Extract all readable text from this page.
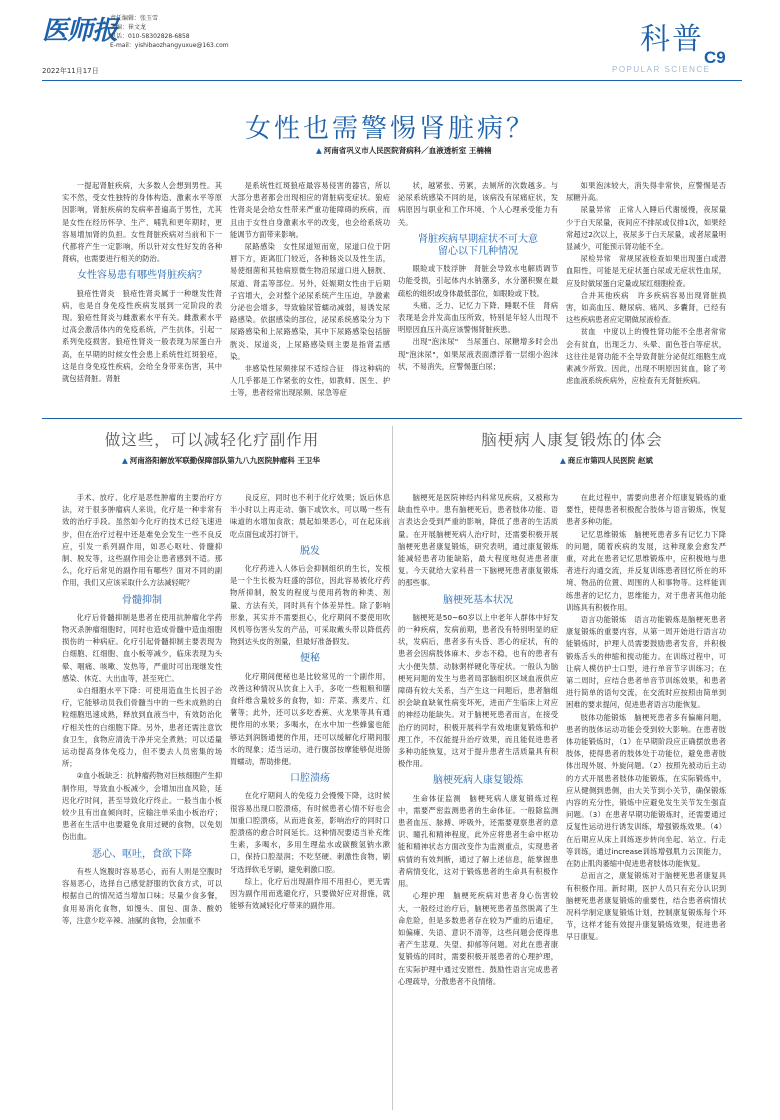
医师报
责任编辑：张玉雪
美编：崔文龙
电话：010-58302828-6858
E-mail：yishibaozhangyuxue@163.com
2022年11月17日
科普
POPULAR SCIENCE
C9
女性也需警惕肾脏病？
▲ 河南省巩义市人民医院肾病科／血液透析室 王楠楠

一提起肾脏疾病，大多数人会想到男性。其实不然，受女性独特的身体构造、激素水平等原因影响，肾脏疾病的发病率普遍高于男性，尤其是女性在经历怀孕、生产、哺乳和更年期时，更容易增加肾的负担。女性肾脏疾病对当前和下一代都将产生一定影响，所以针对女性好发的各种肾病，也需要进行相关的防治。

女性容易患有哪些肾脏疾病？

狼疮性肾炎　狼疮性肾炎属于一种继发性肾病，也是自身免疫性疾病发展到一定阶段的表现。狼疮性肾炎与雌激素水平有关。雌激素水平过高会激活体内的免疫系统，产生抗体，引起一系列免疫损害。狼疮性肾炎一般表现为尿蛋白升高，在早期的时候女性会患上系统性红斑狼疮，这是自身免疫性疾病，会给全身带来伤害，其中就包括肾脏。肾脏

是系统性红斑狼疮最容易侵害的器官，所以大部分患者都会出现相应的肾脏病变症状。狼疮性肾炎是会给女性带来严重功能障碍的疾病，而且由于女性自身激素水平的改变，也会给系统功能调节方面带来影响。

尿路感染　女性尿道短而宽，尿道口位于阴唇下方，距离肛门较近，各种肠炎以及性生活，易使细菌和其他病原微生物沿尿道口进入膀胱、尿道、肾盂等部位。另外，妊娠期女性由于后期子宫增大，会对整个泌尿系统产生压迫，孕激素分泌也会增多，导致输尿管蠕动减弱，易诱发尿路感染。依据感染的部位，泌尿系统感染分为下尿路感染和上尿路感染，其中下尿路感染包括膀胱炎、尿道炎，上尿路感染则主要是指肾盂感染。

非感染性尿频排尿不适综合征　得这种病的人几乎都是工作紧张的女性，如教师、医生、护士等，患者经常出现尿频、尿急等症

状，越紧张、劳累，去厕所的次数越多。与泌尿系统感染不同的是，该病没有尿痛症状，发病原因与职业和工作环境、个人心理承受能力有关。

肾脏疾病早期症状不可大意

留心以下几种情况

眼睑或下肢浮肿　肾脏会导致水电解质调节功能受损，引起体内水钠潴多，水分潴积聚在最疏松的组织或身体最低部位，如眼睑或下肢。

头痛、乏力、记忆力下降、睡眠不佳　肾病表现是会并发高血压所致，特别是年轻人出现不明原因血压升高应该警惕肾脏疾患。

出现"泡沫尿"　当尿蛋白、尿糖增多时会出现"泡沫尿"，如果尿液表面漂浮着一层细小泡沫状，不易消失，应警惕蛋白尿；

如果泡沫较大，消失得非常快，应警惕是否尿糖升高。

尿量异常　正常人入睡后代谢缓慢，夜尿量少于白天尿量，夜间应不排尿或仅排1次，如果经常超过2次以上，夜尿多于白天尿量，或者尿量明显减少，可能预示肾功能不全。

尿检异常　常规尿液检查如果出现蛋白或潜血阳性，可能是无症状蛋白尿或无症状性血尿，应及时做尿蛋白定量或尿红细胞检查。

合并其他疾病　许多疾病容易出现肾脏损害，如高血压、糖尿病、痛风、多囊肾，已经有这些疾病患者应定期做尿液检查。

贫血　中度以上的慢性肾功能不全患者常常会有贫血，出现乏力、头晕、面色苍白等症状，这往往是肾功能不全导致肾脏分泌促红细胞生成素减少所致。因此，出现不明原因贫血，除了考虑血液系统疾病外，应检查有无肾脏疾病。

做这些，可以减轻化疗副作用
▲ 河南洛阳解放军联勤保障部队第九八九医院肿瘤科 王卫华

手术、放疗、化疗是恶性肿瘤的主要治疗方法，对于很多肿瘤病人来说，化疗是一种非常有效的治疗手段。虽然如今化疗的技术已经飞速进步，但在治疗过程中还是难免会发生一些不良反应，引发一系列副作用，如恶心呕吐、骨髓抑制、脱发等，这些副作用会让患者感到不适。那么，化疗后常见的副作用有哪些？面对不同的副作用，我们又应该采取什么方法减轻呢？

骨髓抑制

化疗后骨髓抑制是患者在使用抗肿瘤化学药物灭杀肿瘤细胞时，同时也造成骨髓中造血细胞损伤的一种病症。化疗引起骨髓抑制主要表现为白细胞、红细胞、血小板等减少，临床表现为头晕、咽痛、咳嗽、发热等，严重时可出现继发性感染、休克、大出血等，甚至死亡。

①白细胞水平下降：可使用造血生长因子治疗，它能够动员我们骨髓当中的一些未成熟的白粒细胞迅速成熟，释放到血液当中，有效防治化疗相关性的白细胞下降。另外，患者还需注意饮食卫生，食物应清洗干净并完全煮熟；可以适量运动提高身体免疫力，但不要去人员密集的场所；

②血小板缺乏：抗肿瘤药物对巨核细胞产生抑制作用，导致血小板减少，会增加出血风险，延迟化疗时间，甚至导致化疗终止。一般当血小板较少且有出血倾向时，应输注单采血小板治疗；患者在生活中也要避免食用过硬的食物，以免划伤出血。

恶心、呕吐，食欲下降

有些人饱腹时容易恶心，而有人则是空腹时容易恶心，选择自己感觉舒服的饮食方式，可以根据自己的情况适当增加口味；尽量少食多餐，食用易消化食物，如馒头、面包、面条、酸奶等，注意少吃辛辣、油腻的食物，会加重不

良反应，同时也不利于化疗效果；饭后休息半小时以上再走动、躺下或饮水，可以喝一些有味道的水增加食欲；晨起如果恶心，可在起床前吃点面包或苏打饼干。

脱发

化疗药进入人体后会抑制组织的生长，发根是一个生长极为旺盛的部位，因此容易被化疗药物所抑制，脱发的程度与使用药物的种类、剂量、方法有关，同时具有个体差异性。除了影响形象，其实并不需要担心，化疗期间不要使用吹风机等伤害头发的产品，可采取戴头带以降低药物到达头皮的剂量，但最好准备假发。

便秘

化疗期间便秘也是比较常见的一个副作用，改善这种情况从饮食上入手，多吃一些粗粮和膳食纤维含量较多的食物，如：芹菜、燕麦片、红薯等；此外，还可以多吃香蕉、火龙果等具有通便作用的水果；多喝水，在水中加一些蜂蜜也能够达到润肠通便的作用，还可以缓解化疗期间服水的现象；适当运动，进行腹部按摩能够促进肠胃蠕动，帮助排便。

口腔溃疡

在化疗期间人的免疫力会慢慢下降，这时候很容易出现口腔溃疡，有时候患者心情不好也会加重口腔溃疡，从而进食差，影响治疗的同时口腔溃疡的愈合时间延长。这种情况要适当补充维生素，多喝水，多用生理盐水或碳酸氢钠水漱口，保持口腔湿润；不吃坚硬、刺激性食物，刷牙选择软毛牙刷，避免刺激口腔。

综上，化疗后出现副作用不用担心，更无需因为副作用而逃避化疗，只要做好应对措施，就能够有效减轻化疗带来的副作用。

脑梗病人康复锻炼的体会
▲ 商丘市第四人民医院 赵斌

脑梗死是医院神经内科常见疾病，又被称为缺血性卒中。患有脑梗死后，患者肢体功能、语言表达会受到严重的影响，降低了患者的生活质量。在开展脑梗死病人治疗时，还需要积极开展脑梗死患者康复锻炼，研究表明，通过康复锻炼能减轻患者功能缺陷，最大程度地促进患者康复。今天就给大家科普一下脑梗死患者康复锻炼的那些事。

脑梗死基本状况

脑梗死是50~60岁以上中老年人群体中好发的一种疾病，发病前期，患者没有特别明显的症状，发病后，患者多有头昏、恶心的症状，有的患者会因病肢体麻木、步态不稳，也有的患者有大小便失禁、动脉粥样硬化等症状。一般认为脑梗死问题的发生与患者局部脑组织区域血液供应障碍有较大关系，当产生这一问题后，患者脑组织会缺血缺氧性病变坏死，进而产生临床上对应的神经功能缺失。对于脑梗死患者而言，在接受治疗的同时，积极开展科学有效地康复锻炼和护理工作，不仅能提升治疗效果，而且能促进患者多种功能恢复，这对于提升患者生活质量具有积极作用。

脑梗死病人康复锻炼

生命体征监测　脑梗死病人康复锻炼过程中，需要严密监测患者的生命体征。一般除监测患者血压、脉搏、呼吸外，还需要观察患者的意识、瞳孔和精神程度，此外应将患者生命中枢功能和精神状态方面改变作为监测重点，实现患者病情的有效判断，通过了解上述信息，能掌握患者病情变化，这对于锻炼患者的生命具有积极作用。

心理护理　脑梗死疾病对患者身心伤害较大，一般经过治疗后，脑梗死患者虽然脱离了生命危险，但是多数患者存在较为严重的后遗症，如偏瘫、失语、意识不清等，这些问题会使得患者产生悲观、失望、抑郁等问题。对此在患者康复锻炼的同时，需要积极开展患者的心理护理，在实际护理中通过安慰性、鼓励性语言完成患者心理疏导，分散患者不良情绪。

在此过程中，需要向患者介绍康复锻炼的重要性，使得患者积极配合肢体与语言锻炼，恢复患者多种功能。

记忆思维锻炼　脑梗死患者多有记忆力下降的问题，随着疾病的发展，这种现象会愈发严重，对此在患者记忆思维锻炼中，应积极地与患者进行沟通交流，并反复训练患者回忆所在的环境、物品的位置、周围的人和事物等。这样能训练患者的记忆力，思维能力，对于患者其他功能训练具有积极作用。

语言功能锻炼　语言功能锻炼是脑梗死患者康复锻炼的重要内容，从第一周开始进行语言功能锻炼时，护理人员需要鼓励患者发音，并积极锻炼舌头的伸缩和搅动能力。在训练过程中，可让病人模仿护士口型，进行单音节字训练习；在第二周时，应结合患者单音节训练效果，和患者进行简单的语句交流，在交流时应按照由简单到困难的要求提问，促进患者语言功能恢复。

肢体功能锻炼　脑梗死患者多有偏瘫问题，患者的肢体运动功能会受到较大影响。在患者肢体功能锻炼时，（1）在早期阶段应正确摆放患者肢体，使得患者的肢体处于功能位，避免患者肢体出现外展、外旋问题。（2）按照先被动后主动的方式开展患者肢体功能锻炼，在实际锻炼中，应从健侧到患侧，由大关节到小关节，确保锻炼内容的充分性，锻炼中应避免发生关节发生强直问题。（3）在患者早期功能锻炼时，还需要通过反复性运动进行诱发训练，增强锻炼效果。（4）在后期应从床上训练逐步转向坐起、站立、行走等训练，通过increase训练增强肌力云顶能力，在防止肌肉萎缩中促进患者肢体功能恢复。

总而言之，康复锻炼对于脑梗死患者康复具有积极作用。新时期，医护人员只有充分认识到脑梗死患者康复锻炼的重要性，结合患者病情状况科学制定康复锻炼计划，控制康复锻炼每个环节，这样才能有效提升康复锻炼效果，促进患者早日康复。
